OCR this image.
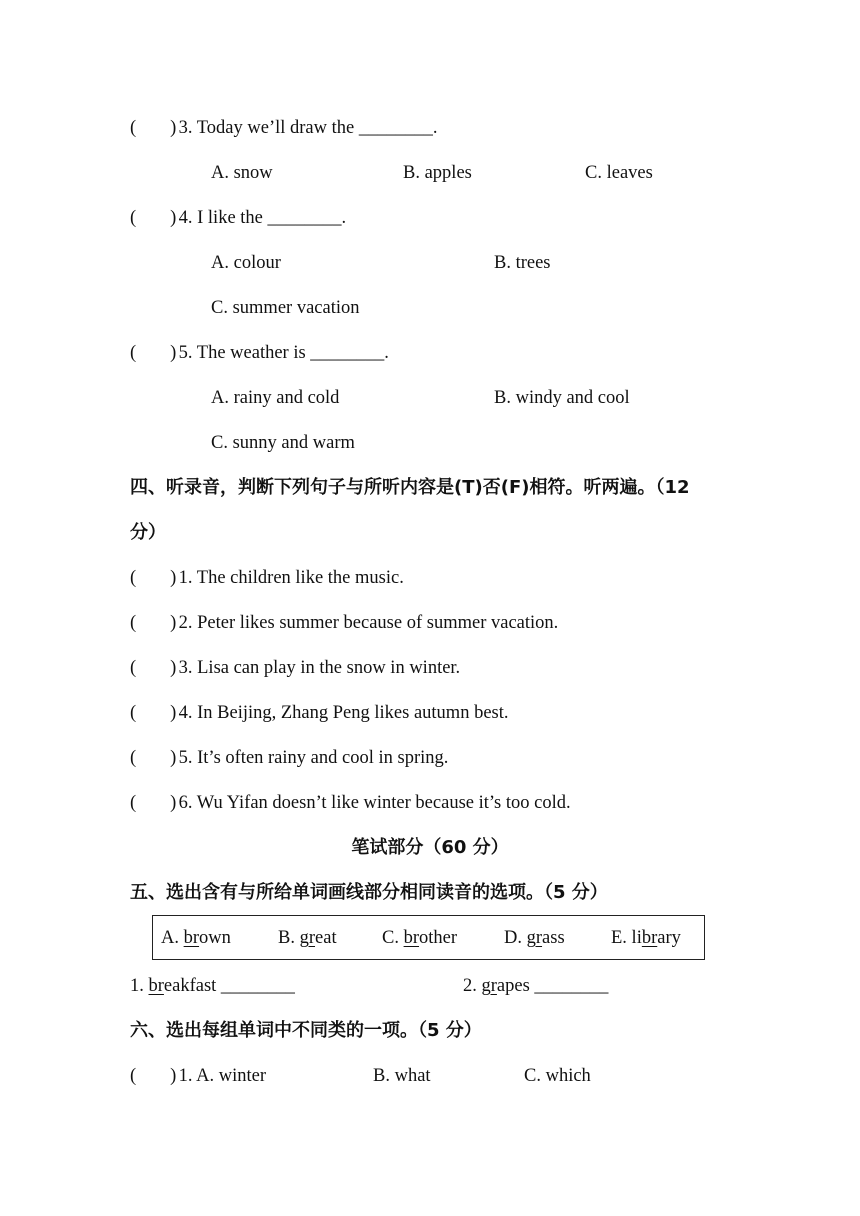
( ) 3. Today we’ll draw the ________.
A. snow	B. apples	C. leaves
( ) 4. I like the ________.
A. colour	B. trees
C. summer vacation
( ) 5. The weather is ________.
A. rainy and cold	B. windy and cool
C. sunny and warm
四、听录音，判断下列句子与所听内容是(T)否(F)相符。听两遍。（12
分）
( ) 1. The children like the music.
( ) 2. Peter likes summer because of summer vacation.
( ) 3. Lisa can play in the snow in winter.
( ) 4. In Beijing, Zhang Peng likes autumn best.
( ) 5. It’s often rainy and cool in spring.
( ) 6. Wu Yifan doesn’t like winter because it’s too cold.
笔试部分（60 分）
五、选出含有与所给单词画线部分相同读音的选项。（5 分）
A. brown	B. great C. brother	D. grass	E. library
1. breakfast ________	2. grapes ________
六、选出每组单词中不同类的一项。（5 分）
( ) 1. A. winter	B. what	C. which
